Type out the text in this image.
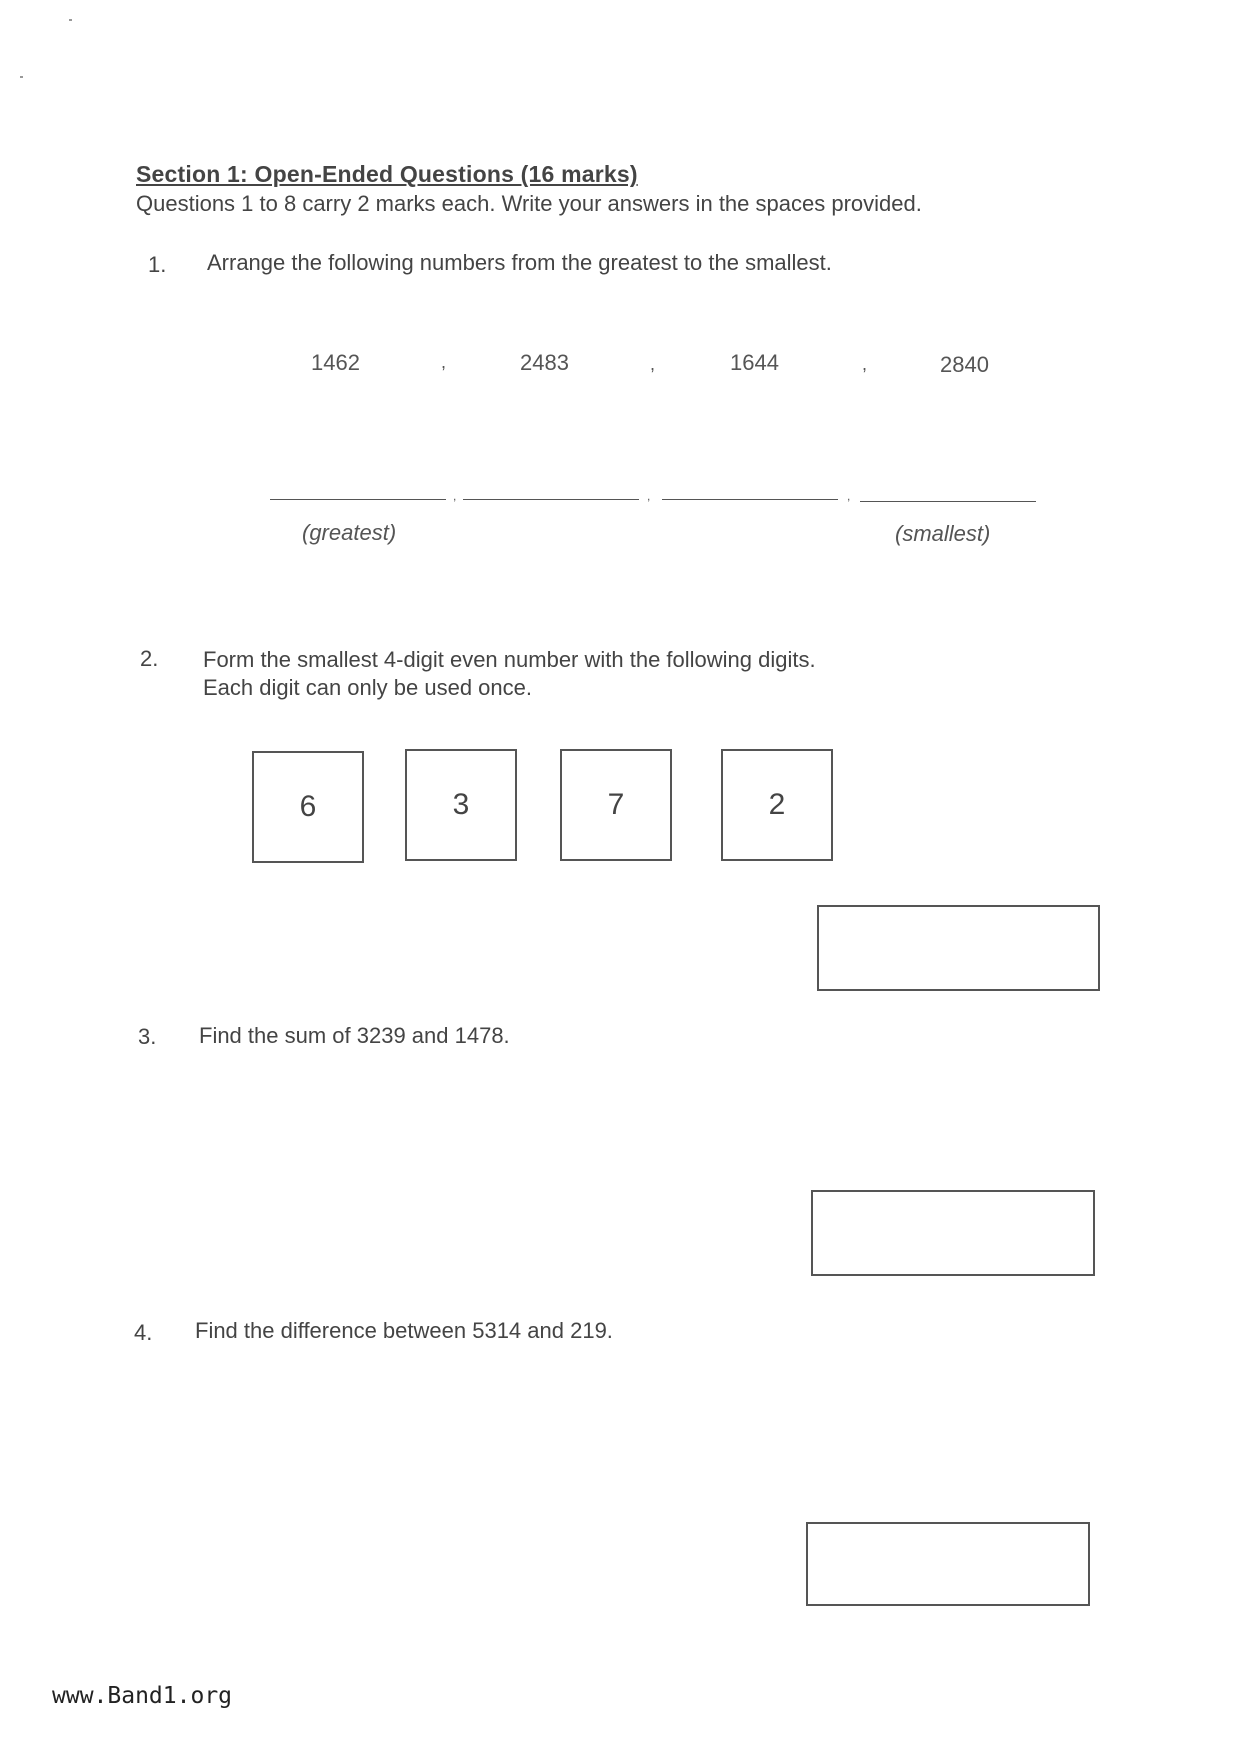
Section 1: Open-Ended Questions (16 marks)
Questions 1 to 8 carry 2 marks each. Write your answers in the spaces provided.
1. Arrange the following numbers from the greatest to the smallest.
1462	,	2483	,	1644	,	2840
,	,	,
(greatest)	(smallest)
2. Form the smallest 4-digit even number with the following digits.
Each digit can only be used once.
6	3	7	2
3. Find the sum of 3239 and 1478.
4. Find the difference between 5314 and 219.
www.Band1.org
